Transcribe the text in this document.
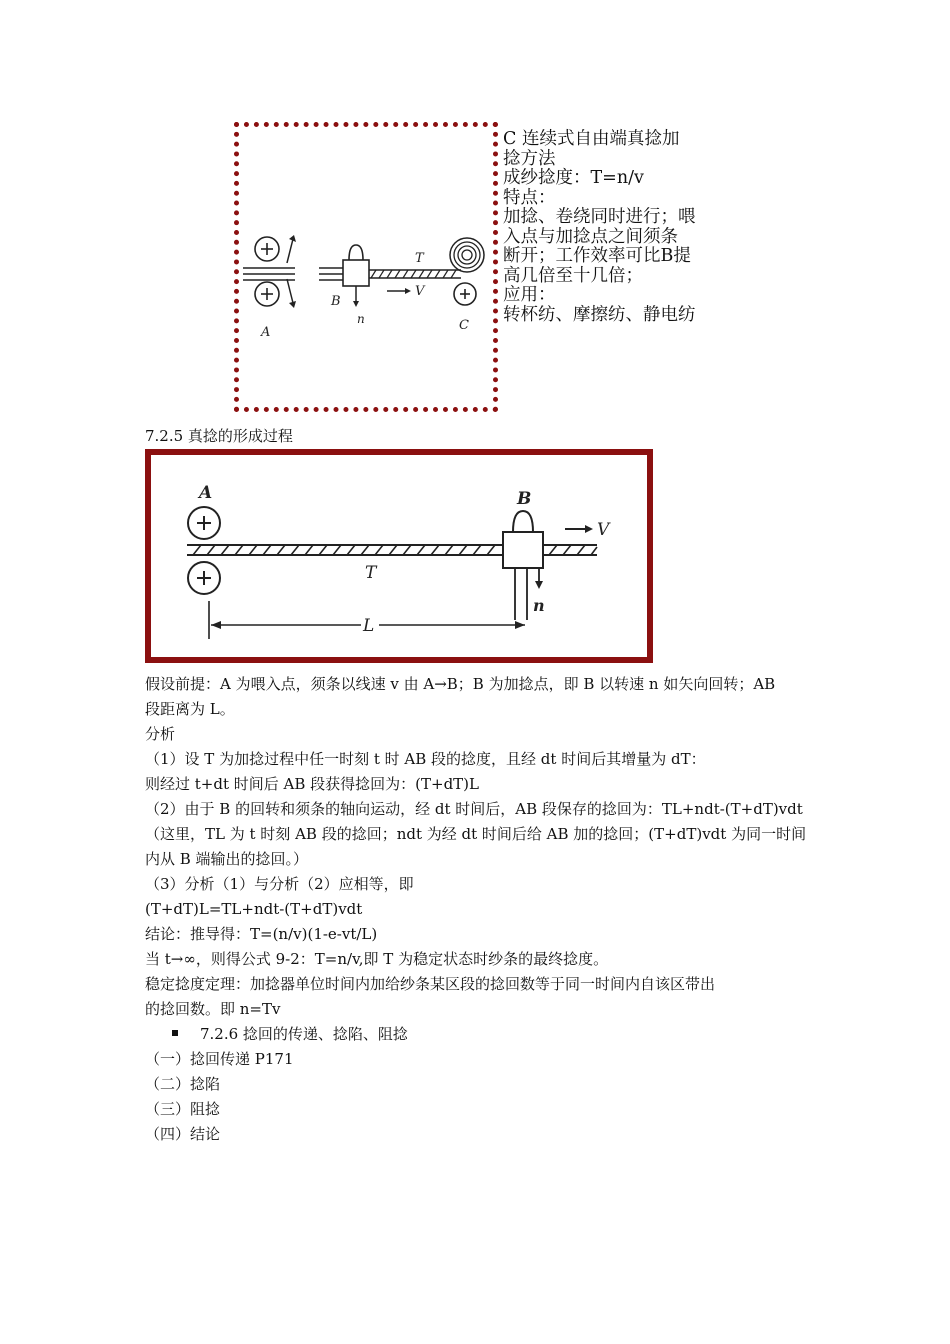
A
B
n
T
V
C
C 连续式自由端真捻加
捻方法
成纱捻度：T=n/v
特点：
加捻、卷绕同时进行；喂
入点与加捻点之间须条
断开；工作效率可比B提
高几倍至十几倍；
应用：
转杯纺、摩擦纺、静电纺
7.2.5 真捻的形成过程
A
T
B
n
V
L
假设前提：A 为喂入点，须条以线速 v 由 A→B；B 为加捻点，即 B 以转速 n 如矢向回转；AB
段距离为 L。
分析
（1）设 T 为加捻过程中任一时刻 t 时 AB 段的捻度，且经 dt 时间后其增量为 dT：
则经过 t+dt 时间后 AB 段获得捻回为：(T+dT)L
（2）由于 B 的回转和须条的轴向运动，经 dt 时间后，AB 段保存的捻回为：TL+ndt-(T+dT)vdt
（这里，TL 为 t 时刻 AB 段的捻回；ndt 为经 dt 时间后给 AB 加的捻回；(T+dT)vdt 为同一时间
内从 B 端输出的捻回。）
（3）分析（1）与分析（2）应相等，即
(T+dT)L=TL+ndt-(T+dT)vdt
结论：推导得：T=(n/v)(1-e-vt/L)
当 t→∞，则得公式 9-2：T=n/v,即 T 为稳定状态时纱条的最终捻度。
稳定捻度定理：加捻器单位时间内加给纱条某区段的捻回数等于同一时间内自该区带出
的捻回数。即 n=Tv
7.2.6 捻回的传递、捻陷、阻捻
（一）捻回传递 P171
（二）捻陷
（三）阻捻
（四）结论
